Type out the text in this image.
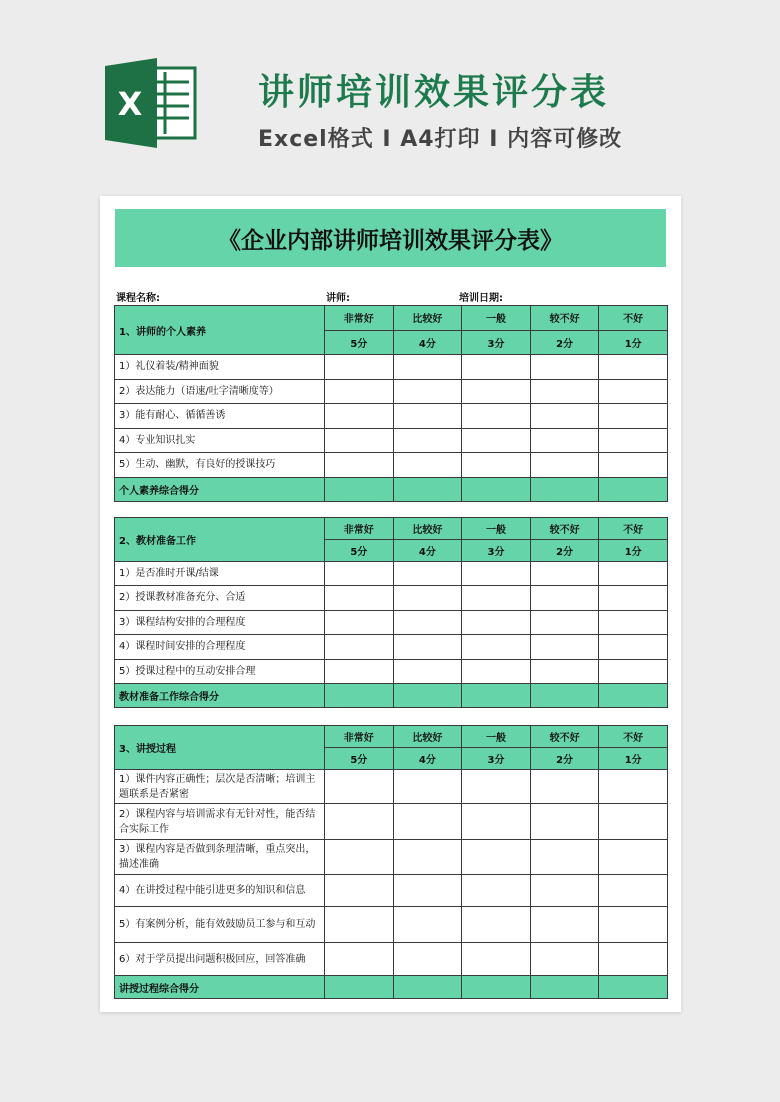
X	讲师培训效果评分表
Excel格式 I A4打印 I 内容可修改
《企业内部讲师培训效果评分表》
课程名称:	讲师:	培训日期:
1、讲师的个人素养	非常好	比较好	一般	较不好	不好
	5分	4分	3分	2分	1分
1）礼仪着装/精神面貌					
2）表达能力（语速/吐字清晰度等）					
3）能有耐心、循循善诱					
4）专业知识扎实					
5）生动、幽默，有良好的授课技巧					
个人素养综合得分					
2、教材准备工作	非常好	比较好	一般	较不好	不好
	5分	4分	3分	2分	1分
1）是否准时开课/结课					
2）授课教材准备充分、合适					
3）课程结构安排的合理程度					
4）课程时间安排的合理程度					
5）授课过程中的互动安排合理					
教材准备工作综合得分					
3、讲授过程	非常好	比较好	一般	较不好	不好
	5分	4分	3分	2分	1分
1）课件内容正确性；层次是否清晰；培训主题联系是否紧密					
2）课程内容与培训需求有无针对性，能否结合实际工作					
3）课程内容是否做到条理清晰，重点突出，描述准确					
4）在讲授过程中能引进更多的知识和信息					
5）有案例分析，能有效鼓励员工参与和互动					
6）对于学员提出问题积极回应，回答准确					
讲授过程综合得分					
